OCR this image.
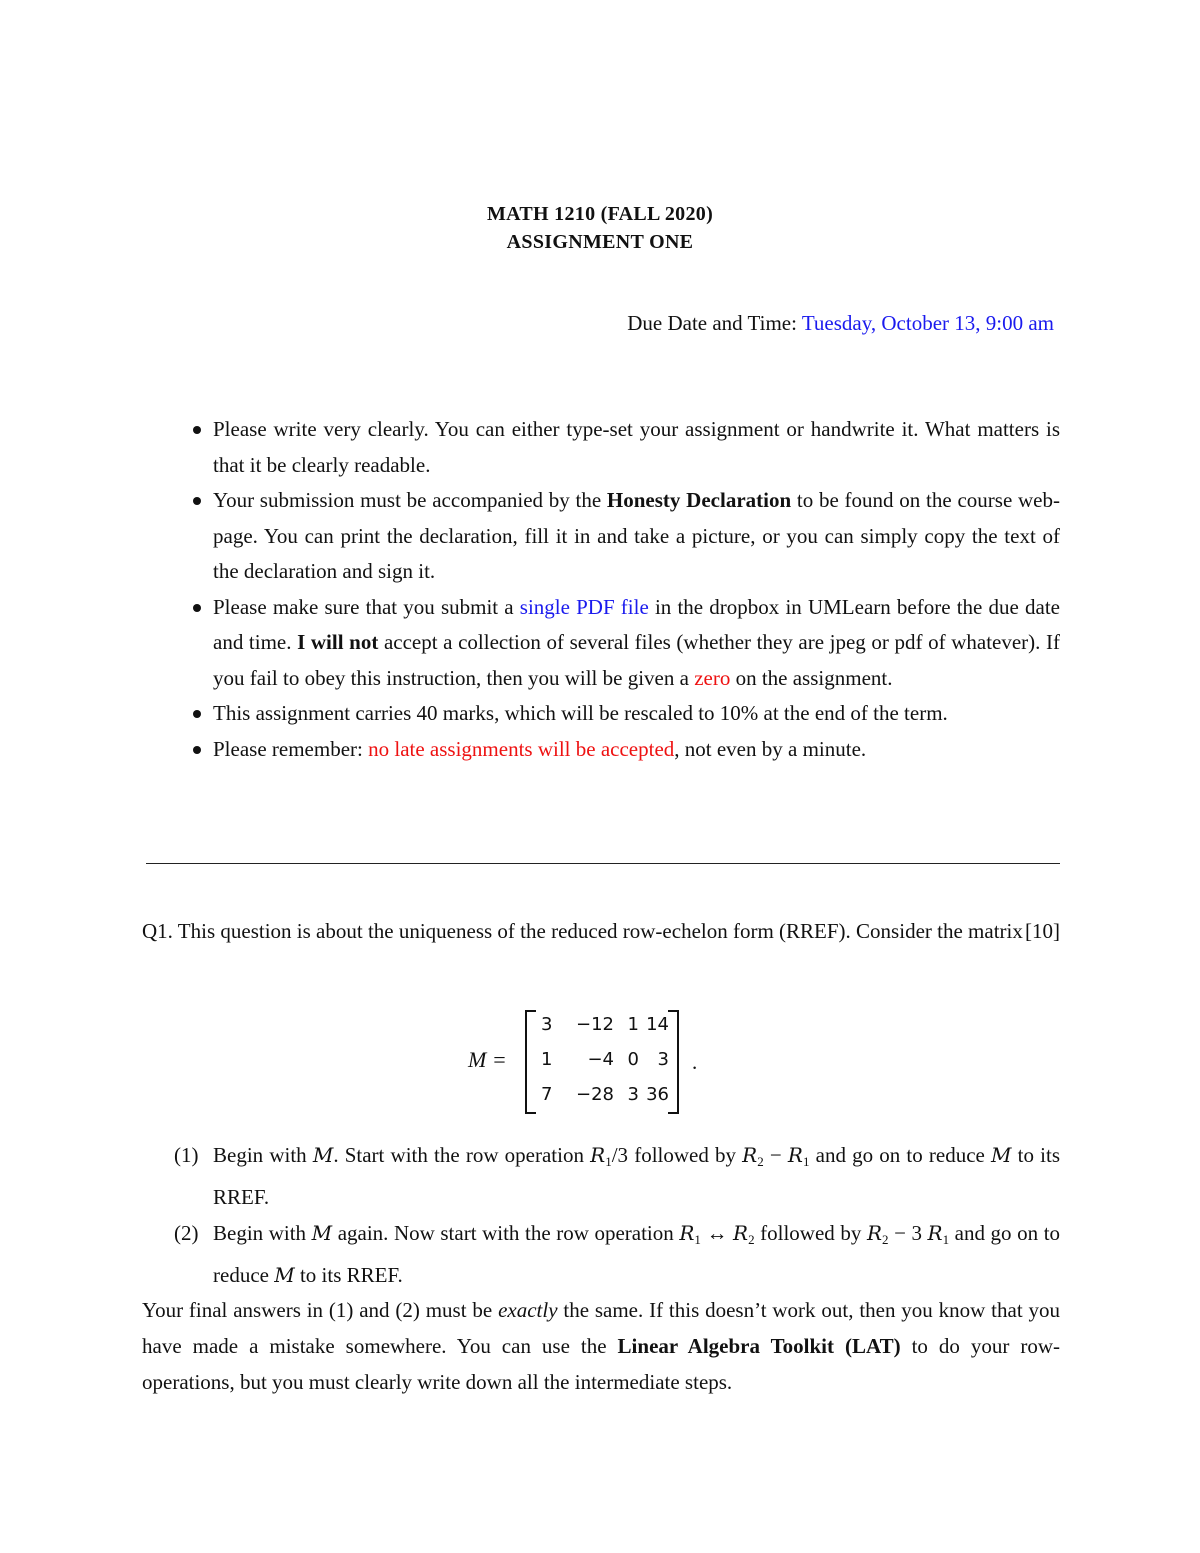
MATH 1210 (FALL 2020)
ASSIGNMENT ONE
Due Date and Time: Tuesday, October 13, 9:00 am
Please write very clearly. You can either type-set your assignment or handwrite it. What matters is that it be clearly readable.
Your submission must be accompanied by the Honesty Declaration to be found on the course web-page. You can print the declaration, fill it in and take a picture, or you can simply copy the text of the declaration and sign it.
Please make sure that you submit a single PDF file in the dropbox in UMLearn before the due date and time. I will not accept a collection of several files (whether they are jpeg or pdf of whatever). If you fail to obey this instruction, then you will be given a zero on the assignment.
This assignment carries 40 marks, which will be rescaled to 10% at the end of the term.
Please remember: no late assignments will be accepted, not even by a minute.
Q1. This question is about the uniqueness of the reduced row-echelon form (RREF). Consider the matrix [10]
M =
3	−12 1 14
1	−4 0	3
7	−28 3 36
.
(1) Begin with M. Start with the row operation $R_1/3$ followed by $R_2 - R_1$ and go on to reduce M to its RREF.
(2) Begin with M again. Now start with the row operation $R_1$ ↔ $R_2$ followed by $R_2 - 3$ $R_1$ and go on to reduce M to its RREF.
Your final answers in (1) and (2) must be exactly the same. If this doesn’t work out, then you know that you have made a mistake somewhere. You can use the Linear Algebra Toolkit (LAT) to do your row-operations, but you must clearly write down all the intermediate steps.
